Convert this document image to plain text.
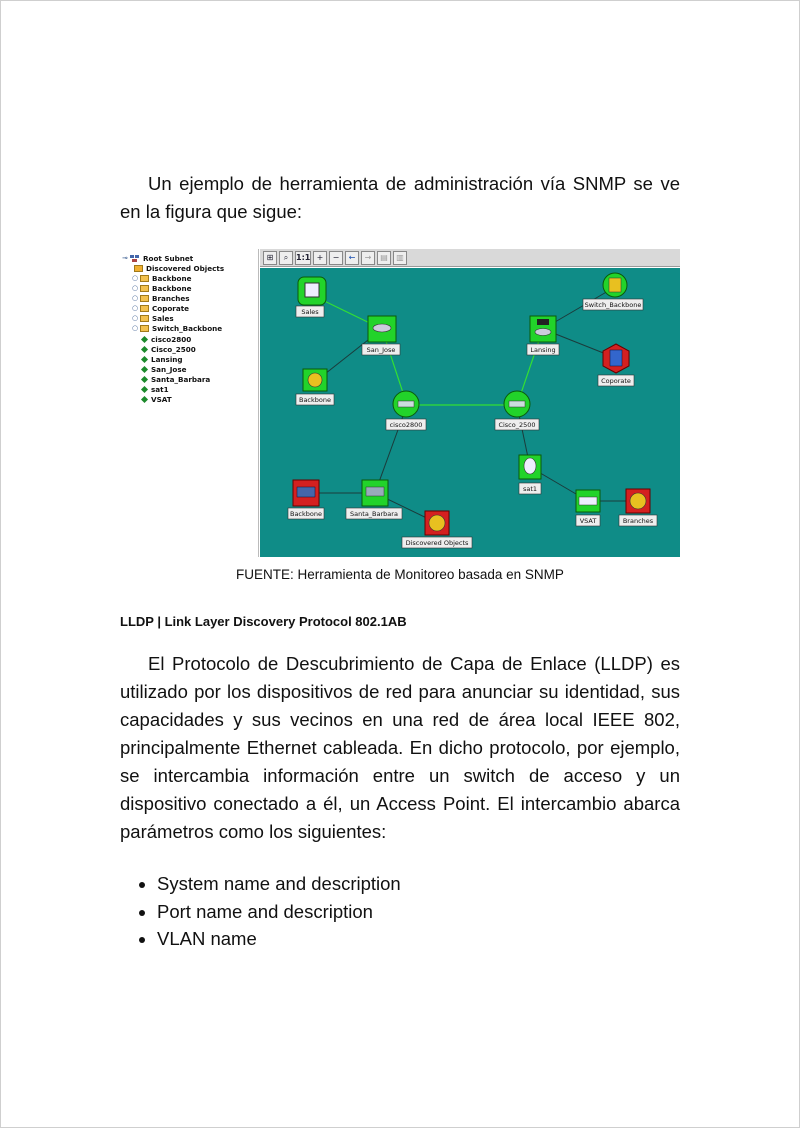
Un ejemplo de herramienta de administración vía SNMP se ve en la figura que sigue:

⊸ Root Subnet
Discovered Objects
○ Backbone
○ Backbone
○ Branches
○ Coporate
○ Sales
○ Switch_Backbone
cisco2800
Cisco_2500
Lansing
San_Jose
Santa_Barbara
sat1
VSAT
⊞	⌕ 1:1 +	−	←	→	▤	▥
Sales
San_Jose
Backbone
cisco2800	Cisco_2500
Lansing
Switch_Backbone
Coporate
sat1
VSAT	Branches
Backbone	Santa_Barbara
Discovered Objects
FUENTE: Herramienta de Monitoreo basada en SNMP
LLDP | Link Layer Discovery Protocol 802.1AB

El Protocolo de Descubrimiento de Capa de Enlace (LLDP) es utilizado por los dispositivos de red para anunciar su identidad, sus capacidades y sus vecinos en una red de área local IEEE 802, principalmente Ethernet cableada. En dicho protocolo, por ejemplo, se intercambia información entre un switch de acceso y un dispositivo conectado a él, un Access Point. El intercambio abarca parámetros como los siguientes:

• System name and description
• Port name and description
• VLAN name
